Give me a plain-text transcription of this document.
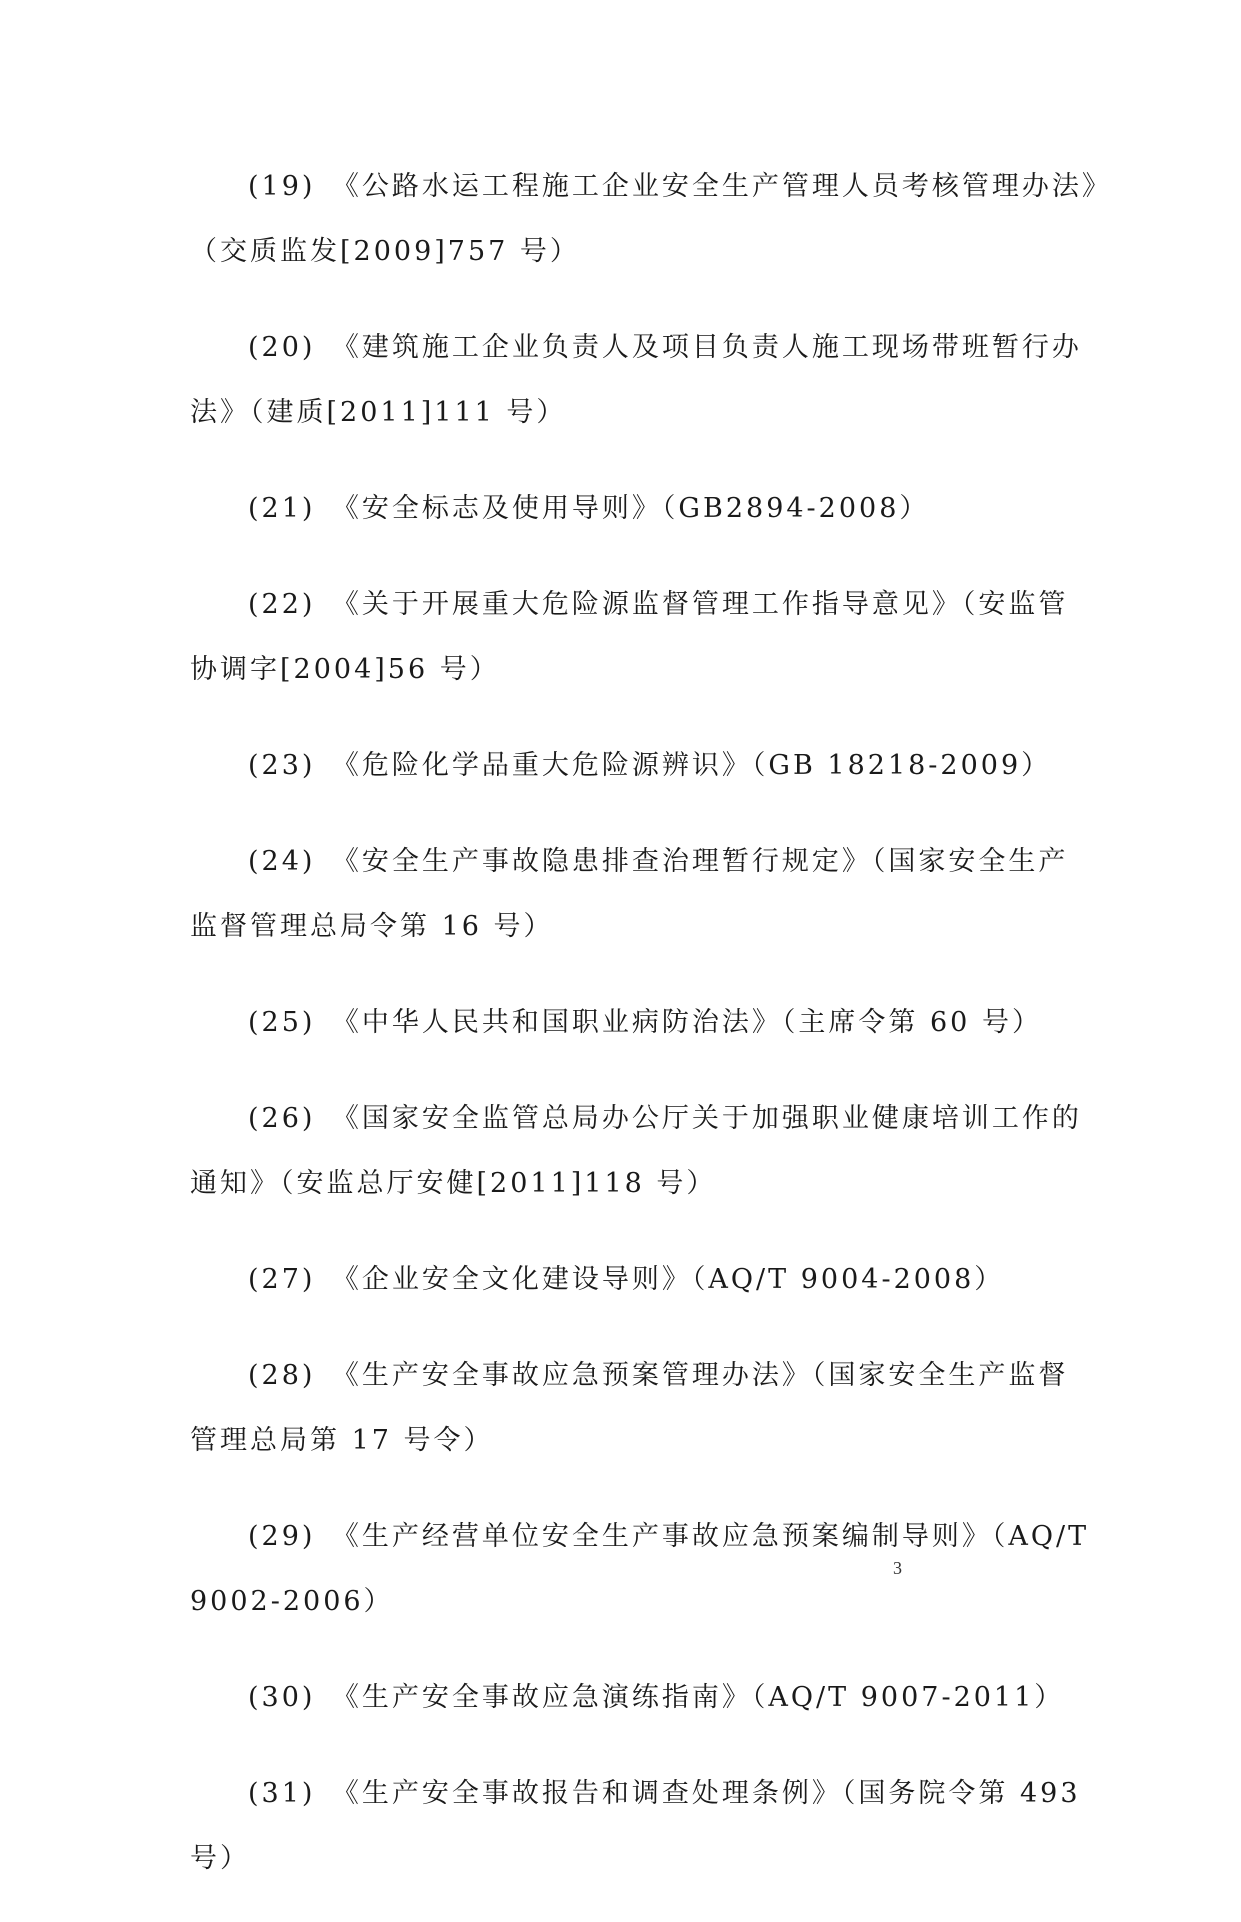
(19)　《公路水运工程施工企业安全生产管理人员考核管理办法》 （交质监发[2009]757 号）
(20)　《建筑施工企业负责人及项目负责人施工现场带班暂行办 法》（建质[2011]111 号）
(21)　《安全标志及使用导则》（GB2894-2008）
(22)　《关于开展重大危险源监督管理工作指导意见》（安监管 协调字[2004]56 号）
(23)　《危险化学品重大危险源辨识》（GB 18218-2009）
(24)　《安全生产事故隐患排查治理暂行规定》（国家安全生产 监督管理总局令第 16 号）
(25)　《中华人民共和国职业病防治法》（主席令第 60 号）
(26)　《国家安全监管总局办公厅关于加强职业健康培训工作的 通知》（安监总厅安健[2011]118 号）
(27)　《企业安全文化建设导则》（AQ/T 9004-2008）
(28)　《生产安全事故应急预案管理办法》（国家安全生产监督 管理总局第 17 号令）
(29)　《生产经营单位安全生产事故应急预案编制导则》（AQ/T 9002-2006）
(30)　《生产安全事故应急演练指南》（AQ/T 9007-2011）
(31)　《生产安全事故报告和调查处理条例》（国务院令第 493 号）
3
